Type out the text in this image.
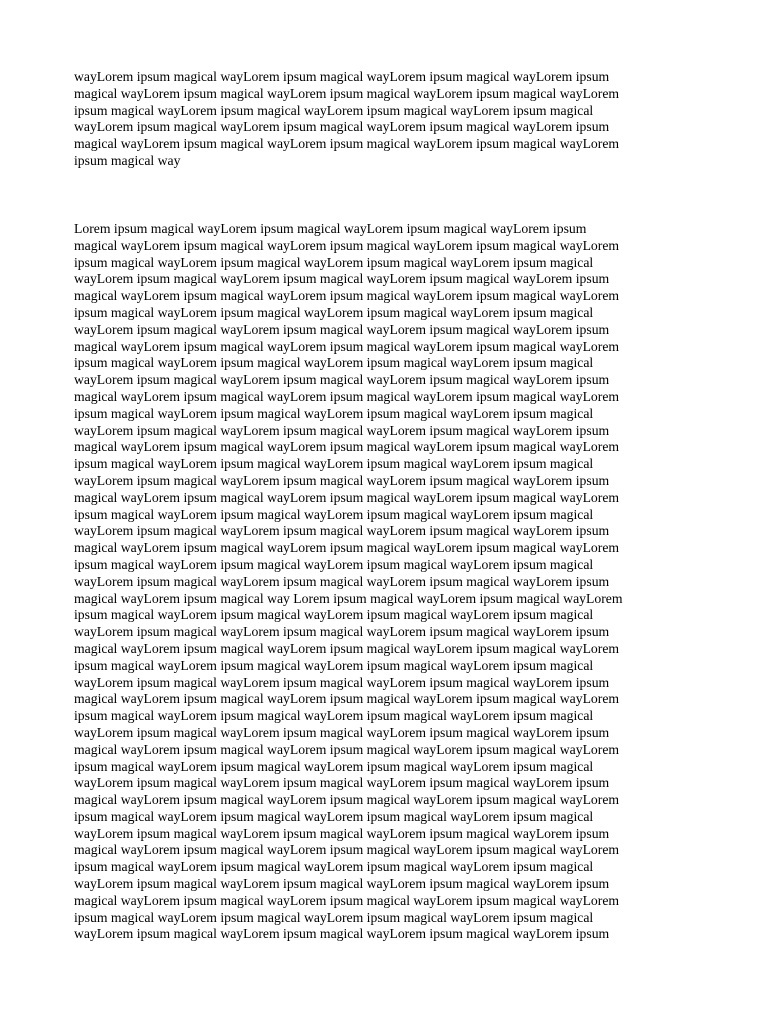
wayLorem ipsum magical wayLorem ipsum magical wayLorem ipsum magical wayLorem ipsum
magical wayLorem ipsum magical wayLorem ipsum magical wayLorem ipsum magical wayLorem
ipsum magical wayLorem ipsum magical wayLorem ipsum magical wayLorem ipsum magical
wayLorem ipsum magical wayLorem ipsum magical wayLorem ipsum magical wayLorem ipsum
magical wayLorem ipsum magical wayLorem ipsum magical wayLorem ipsum magical wayLorem
ipsum magical way
Lorem ipsum magical wayLorem ipsum magical wayLorem ipsum magical wayLorem ipsum
magical wayLorem ipsum magical wayLorem ipsum magical wayLorem ipsum magical wayLorem
ipsum magical wayLorem ipsum magical wayLorem ipsum magical wayLorem ipsum magical
wayLorem ipsum magical wayLorem ipsum magical wayLorem ipsum magical wayLorem ipsum
magical wayLorem ipsum magical wayLorem ipsum magical wayLorem ipsum magical wayLorem
ipsum magical wayLorem ipsum magical wayLorem ipsum magical wayLorem ipsum magical
wayLorem ipsum magical wayLorem ipsum magical wayLorem ipsum magical wayLorem ipsum
magical wayLorem ipsum magical wayLorem ipsum magical wayLorem ipsum magical wayLorem
ipsum magical wayLorem ipsum magical wayLorem ipsum magical wayLorem ipsum magical
wayLorem ipsum magical wayLorem ipsum magical wayLorem ipsum magical wayLorem ipsum
magical wayLorem ipsum magical wayLorem ipsum magical wayLorem ipsum magical wayLorem
ipsum magical wayLorem ipsum magical wayLorem ipsum magical wayLorem ipsum magical
wayLorem ipsum magical wayLorem ipsum magical wayLorem ipsum magical wayLorem ipsum
magical wayLorem ipsum magical wayLorem ipsum magical wayLorem ipsum magical wayLorem
ipsum magical wayLorem ipsum magical wayLorem ipsum magical wayLorem ipsum magical
wayLorem ipsum magical wayLorem ipsum magical wayLorem ipsum magical wayLorem ipsum
magical wayLorem ipsum magical wayLorem ipsum magical wayLorem ipsum magical wayLorem
ipsum magical wayLorem ipsum magical wayLorem ipsum magical wayLorem ipsum magical
wayLorem ipsum magical wayLorem ipsum magical wayLorem ipsum magical wayLorem ipsum
magical wayLorem ipsum magical wayLorem ipsum magical wayLorem ipsum magical wayLorem
ipsum magical wayLorem ipsum magical wayLorem ipsum magical wayLorem ipsum magical
wayLorem ipsum magical wayLorem ipsum magical wayLorem ipsum magical wayLorem ipsum
magical wayLorem ipsum magical way Lorem ipsum magical wayLorem ipsum magical wayLorem
ipsum magical wayLorem ipsum magical wayLorem ipsum magical wayLorem ipsum magical
wayLorem ipsum magical wayLorem ipsum magical wayLorem ipsum magical wayLorem ipsum
magical wayLorem ipsum magical wayLorem ipsum magical wayLorem ipsum magical wayLorem
ipsum magical wayLorem ipsum magical wayLorem ipsum magical wayLorem ipsum magical
wayLorem ipsum magical wayLorem ipsum magical wayLorem ipsum magical wayLorem ipsum
magical wayLorem ipsum magical wayLorem ipsum magical wayLorem ipsum magical wayLorem
ipsum magical wayLorem ipsum magical wayLorem ipsum magical wayLorem ipsum magical
wayLorem ipsum magical wayLorem ipsum magical wayLorem ipsum magical wayLorem ipsum
magical wayLorem ipsum magical wayLorem ipsum magical wayLorem ipsum magical wayLorem
ipsum magical wayLorem ipsum magical wayLorem ipsum magical wayLorem ipsum magical
wayLorem ipsum magical wayLorem ipsum magical wayLorem ipsum magical wayLorem ipsum
magical wayLorem ipsum magical wayLorem ipsum magical wayLorem ipsum magical wayLorem
ipsum magical wayLorem ipsum magical wayLorem ipsum magical wayLorem ipsum magical
wayLorem ipsum magical wayLorem ipsum magical wayLorem ipsum magical wayLorem ipsum
magical wayLorem ipsum magical wayLorem ipsum magical wayLorem ipsum magical wayLorem
ipsum magical wayLorem ipsum magical wayLorem ipsum magical wayLorem ipsum magical
wayLorem ipsum magical wayLorem ipsum magical wayLorem ipsum magical wayLorem ipsum
magical wayLorem ipsum magical wayLorem ipsum magical wayLorem ipsum magical wayLorem
ipsum magical wayLorem ipsum magical wayLorem ipsum magical wayLorem ipsum magical
wayLorem ipsum magical wayLorem ipsum magical wayLorem ipsum magical wayLorem ipsum
